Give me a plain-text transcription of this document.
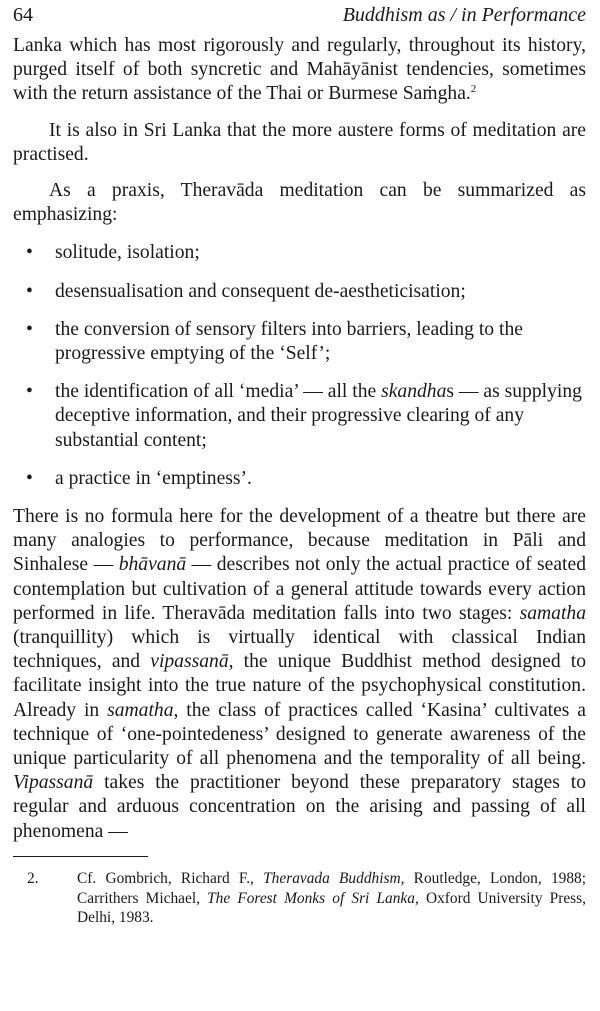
64	Buddhism as / in Performance

Lanka which has most rigorously and regularly, throughout its history, purged itself of both syncretic and Mahāyānist tendencies, sometimes with the return assistance of the Thai or Burmese Saṁgha.$^2$

It is also in Sri Lanka that the more austere forms of meditation are practised.

As a praxis, Theravāda meditation can be summarized as emphasizing:

• solitude, isolation;
• desensualisation and consequent de-aestheticisation;
• the conversion of sensory filters into barriers, leading to the progressive emptying of the ‘Self’;
• the identification of all ‘media’ — all the skandhas — as supplying deceptive information, and their progressive clearing of any substantial content;
• a practice in ‘emptiness’.

There is no formula here for the development of a theatre but there are many analogies to performance, because meditation in Pāli and Sinhalese — bhāvanā — describes not only the actual practice of seated contemplation but cultivation of a general attitude towards every action performed in life. Theravāda meditation falls into two stages: samatha (tranquillity) which is virtually identical with classical Indian techniques, and vipassanā, the unique Buddhist method designed to facilitate insight into the true nature of the psychophysical constitution. Already in samatha, the class of practices called ‘Kasina’ cultivates a technique of ‘one-pointedeness’ designed to generate awareness of the unique particularity of all phenomena and the temporality of all being. Vipassanā takes the practitioner beyond these preparatory stages to regular and arduous concentration on the arising and passing of all phenomena —

2.	Cf. Gombrich, Richard F., Theravada Buddhism, Routledge, London, 1988; Carrithers Michael, The Forest Monks of Sri Lanka, Oxford University Press, Delhi, 1983.
